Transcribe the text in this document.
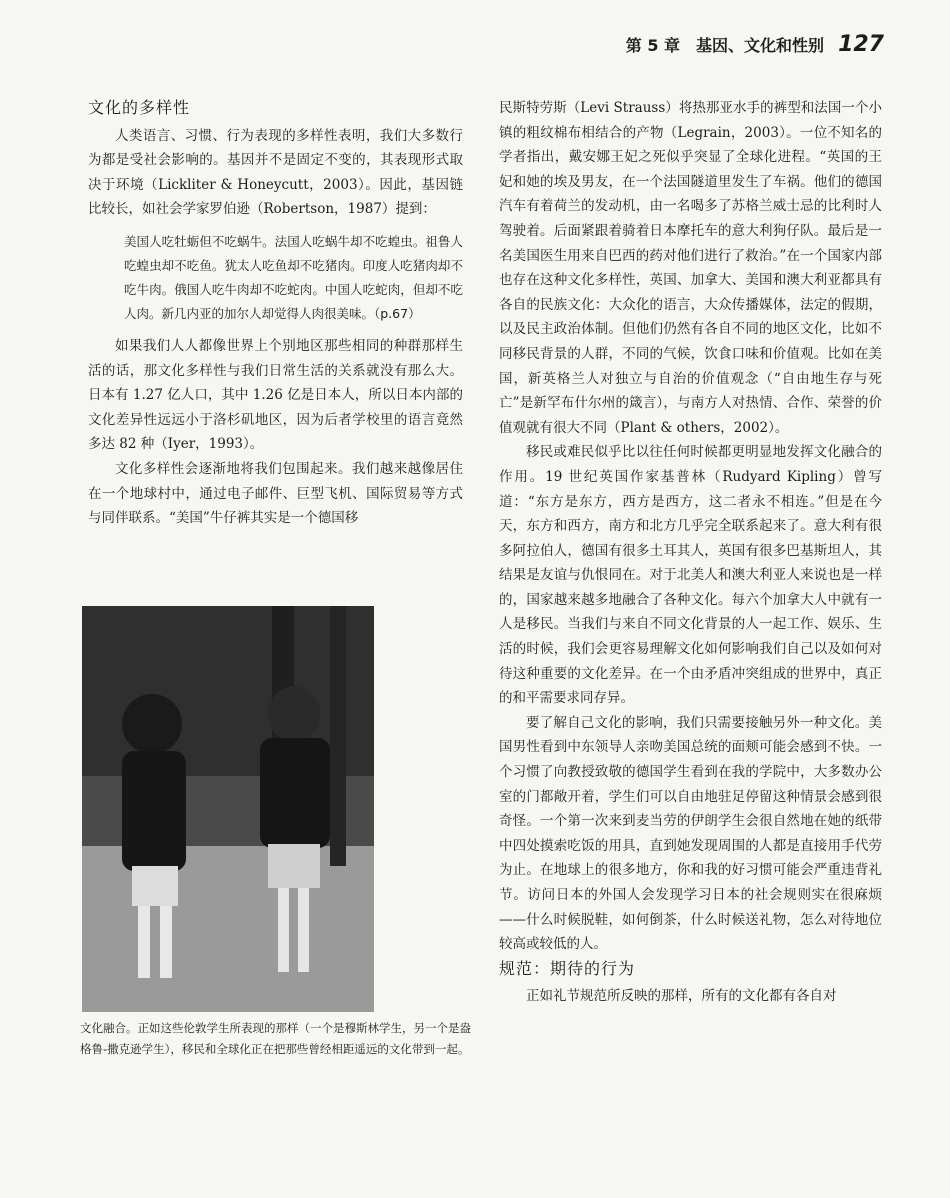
第 5 章　基因、文化和性别 127
文化的多样性

人类语言、习惯、行为表现的多样性表明，我们大多数行为都是受社会影响的。基因并不是固定不变的，其表现形式取决于环境（Lickliter & Honeycutt，2003）。因此，基因链比较长，如社会学家罗伯逊（Robertson，1987）提到：

美国人吃牡蛎但不吃蜗牛。法国人吃蜗牛却不吃蝗虫。祖鲁人吃蝗虫却不吃鱼。犹太人吃鱼却不吃猪肉。印度人吃猪肉却不吃牛肉。俄国人吃牛肉却不吃蛇肉。中国人吃蛇肉，但却不吃人肉。新几内亚的加尔人却觉得人肉很美味。（p.67）

如果我们人人都像世界上个别地区那些相同的种群那样生活的话，那文化多样性与我们日常生活的关系就没有那么大。日本有 1.27 亿人口，其中 1.26 亿是日本人，所以日本内部的文化差异性远远小于洛杉矶地区，因为后者学校里的语言竟然多达 82 种（Iyer，1993）。

文化多样性会逐渐地将我们包围起来。我们越来越像居住在一个地球村中，通过电子邮件、巨型飞机、国际贸易等方式与同伴联系。“美国”牛仔裤其实是一个德国移

文化融合。正如这些伦敦学生所表现的那样（一个是穆斯林学生，另一个是盎格鲁-撒克逊学生），移民和全球化正在把那些曾经相距遥远的文化带到一起。

民斯特劳斯（Levi Strauss）将热那亚水手的裤型和法国一个小镇的粗纹棉布相结合的产物（Legrain，2003）。一位不知名的学者指出，戴安娜王妃之死似乎突显了全球化进程。“英国的王妃和她的埃及男友，在一个法国隧道里发生了车祸。他们的德国汽车有着荷兰的发动机，由一名喝多了苏格兰威士忌的比利时人驾驶着。后面紧跟着骑着日本摩托车的意大利狗仔队。最后是一名美国医生用来自巴西的药对他们进行了救治。”在一个国家内部也存在这种文化多样性，英国、加拿大、美国和澳大利亚都具有各自的民族文化：大众化的语言，大众传播媒体，法定的假期，以及民主政治体制。但他们仍然有各自不同的地区文化，比如不同移民背景的人群，不同的气候，饮食口味和价值观。比如在美国，新英格兰人对独立与自治的价值观念（“自由地生存与死亡”是新罕布什尔州的箴言），与南方人对热情、合作、荣誉的价值观就有很大不同（Plant & others，2002）。

移民或难民似乎比以往任何时候都更明显地发挥文化融合的作用。19 世纪英国作家基普林（Rudyard Kipling）曾写道：“东方是东方，西方是西方，这二者永不相连。”但是在今天，东方和西方，南方和北方几乎完全联系起来了。意大利有很多阿拉伯人，德国有很多土耳其人，英国有很多巴基斯坦人，其结果是友谊与仇恨同在。对于北美人和澳大利亚人来说也是一样的，国家越来越多地融合了各种文化。每六个加拿大人中就有一人是移民。当我们与来自不同文化背景的人一起工作、娱乐、生活的时候，我们会更容易理解文化如何影响我们自己以及如何对待这种重要的文化差异。在一个由矛盾冲突组成的世界中，真正的和平需要求同存异。

要了解自己文化的影响，我们只需要接触另外一种文化。美国男性看到中东领导人亲吻美国总统的面颊可能会感到不快。一个习惯了向教授致敬的德国学生看到在我的学院中，大多数办公室的门都敞开着，学生们可以自由地驻足停留这种情景会感到很奇怪。一个第一次来到麦当劳的伊朗学生会很自然地在她的纸带中四处摸索吃饭的用具，直到她发现周围的人都是直接用手代劳为止。在地球上的很多地方，你和我的好习惯可能会严重违背礼节。访问日本的外国人会发现学习日本的社会规则实在很麻烦——什么时候脱鞋，如何倒茶，什么时候送礼物，怎么对待地位较高或较低的人。

规范：期待的行为

正如礼节规范所反映的那样，所有的文化都有各自对
